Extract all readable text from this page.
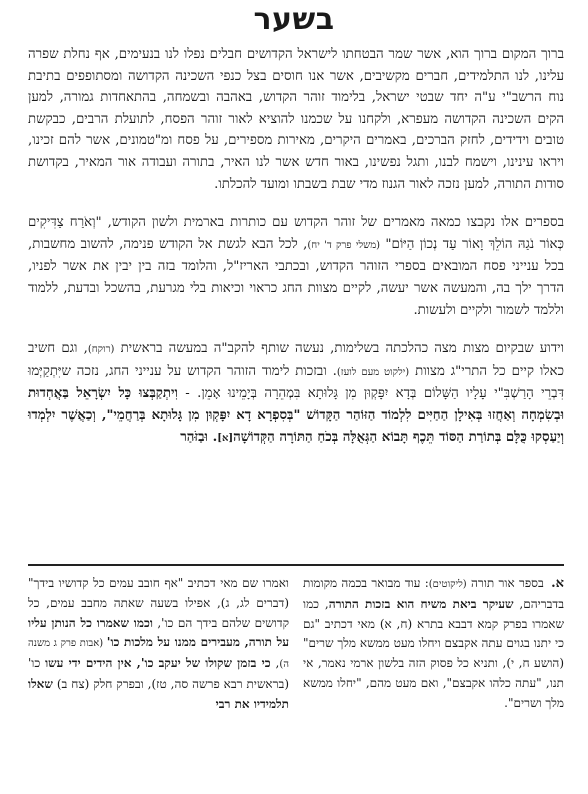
בשער

ברוך המקום ברוך הוא, אשר שמר הבטחתו לישראל הקדושים חבלים נפלו לנו בנעימים, אף נחלת שפרה עלינו, לנו התלמידים, חברים מקשיבים, אשר אנו חוסים בצל כנפי השכינה הקדושה ומסתופפים בתיבת נוח הרשב"י ע"ה יחד שבטי ישראל, בלימוד זוהר הקדוש, באהבה ובשמחה, בהתאחדות גמורה, למען הקים השכינה הקדושה מעפרא, ולקחנו על שכמנו להוציא לאור זוהר הפסח, לתועלת הרבים, כבקשת טובים וידידים, לחזק הברכים, באמרים היקרים, מאירות מספירים, על פסח ומ"טמונים, אשר להם זכינו, ויראו עינינו, וישמח לבנו, ותגל נפשינו, באור חדש אשר לנו האיר, בתורה ועבודה אור המאיר, בקדושת סודות התורה, למען נזכה לאור הגנוז מדי שבת בשבתו ומועד להכלתו.

בספרים אלו נקבצו כמאה מאמרים של זוהר הקדוש עם כותרות בארמית ולשון הקודש, "וְאֹרַח צַדִּיקִים כְּאוֹר נֹגַהּ הוֹלֵךְ וָאוֹר עַד נְכוֹן הַיּוֹם" (משלי פרק ד' יח), לכל הבא לגשת אל הקודש פנימה, להשוב מחשבות, בכל ענייני פסח המובאים בספרי הזוהר הקדוש, ובכתבי האריז"ל, והלומד בזה בין יבין את אשר לפניו, הדרך ילך בה, והמעשה אשר יעשה, לקיים מצוות החג כראוי וכיאות בלי מגרעת, בהשכל ובדעת, ללמוד וללמד לשמור ולקיים ולעשות.

וידוע שבקיום מצות מצה כהלכתה בשלימות, נעשה שותף להקב"ה במעשה בראשית (רוקח), וגם חשיב כאלו קיים כל התרי"ג מצוות (ילקוט מעם לועז). ובזכות לימוד הזוהר הקדוש על ענייני החג, נזכה שיִּתְקַיְּמוּ דִּבְרֵי הָרַשְׁבִּ"י עָלָיו הַשָּׁלוֹם בְּדָא יִפָּקְוּן מִן גָּלוּתָא בִּמְהֵרָה בְּיָמֵינוּ אָמֵן. - וִיתְקַבְּצוּ כָּל יִשְׂרָאֵל בַּאֲחְדוּת וּבְשִׂמְחָה וְאַחֲזוּ בְּאִילָן הַחַיִּים לִלְמוֹד הַזּוֹהַר הַקָּדוֹשׁ "בְּסִפְרָא דָא יִפָּקְוּן מִן גָּלוּתָא בְּרַחֲמֵי", וְכַאֲשֶׁר יִלְמְדוּ וְיַעַסְקוּ כֻּלָּם בְּתוֹרַת הַסּוֹד תֵּכֶף תָּבוֹא הַגְּאֻלָּה בְּכֹחַ הַתּוֹרָה הַקְּדוֹשָׁה[א]. וּבַזֹּהַר

א. בספר אור תורה (ליקוטים): עוד מבואר בכמה מקומות בדבריהם, שעיקר ביאת משיח הוא בזכות התורה, כמו שאמרו בפרק קמא דבבא בתרא (ח, א) מאי דכתיב "גם כי יתנו בגוים עתה אקבצם ויחלו מעט ממשא מלך שרים" (הושע ח, י), ותניא כל פסוק הזה בלשון ארמי נאמר, אי תנו, "עתה כלהו אקבצם", ואם מעט מהם, "יחלו ממשא מלך ושרים".
ואמרו שם מאי דכתיב "אף חובב עמים כל קדושיו בידך" (דברים לג, ג), אפילו בשעה שאתה מחבב עמים, כל קדושים שלהם בידך הם כו', וכמו שאמרו כל הנותן עליו על תורה, מעבירים ממנו על מלכות כו' (אבות פרק ג משנה ה), כי בזמן שקולו של יעקב כו', אין הידים ידי עשו כו' (בראשית רבא פרשה סה, טז), ובפרק חלק (צח ב) שאלו תלמידיו את רבי
